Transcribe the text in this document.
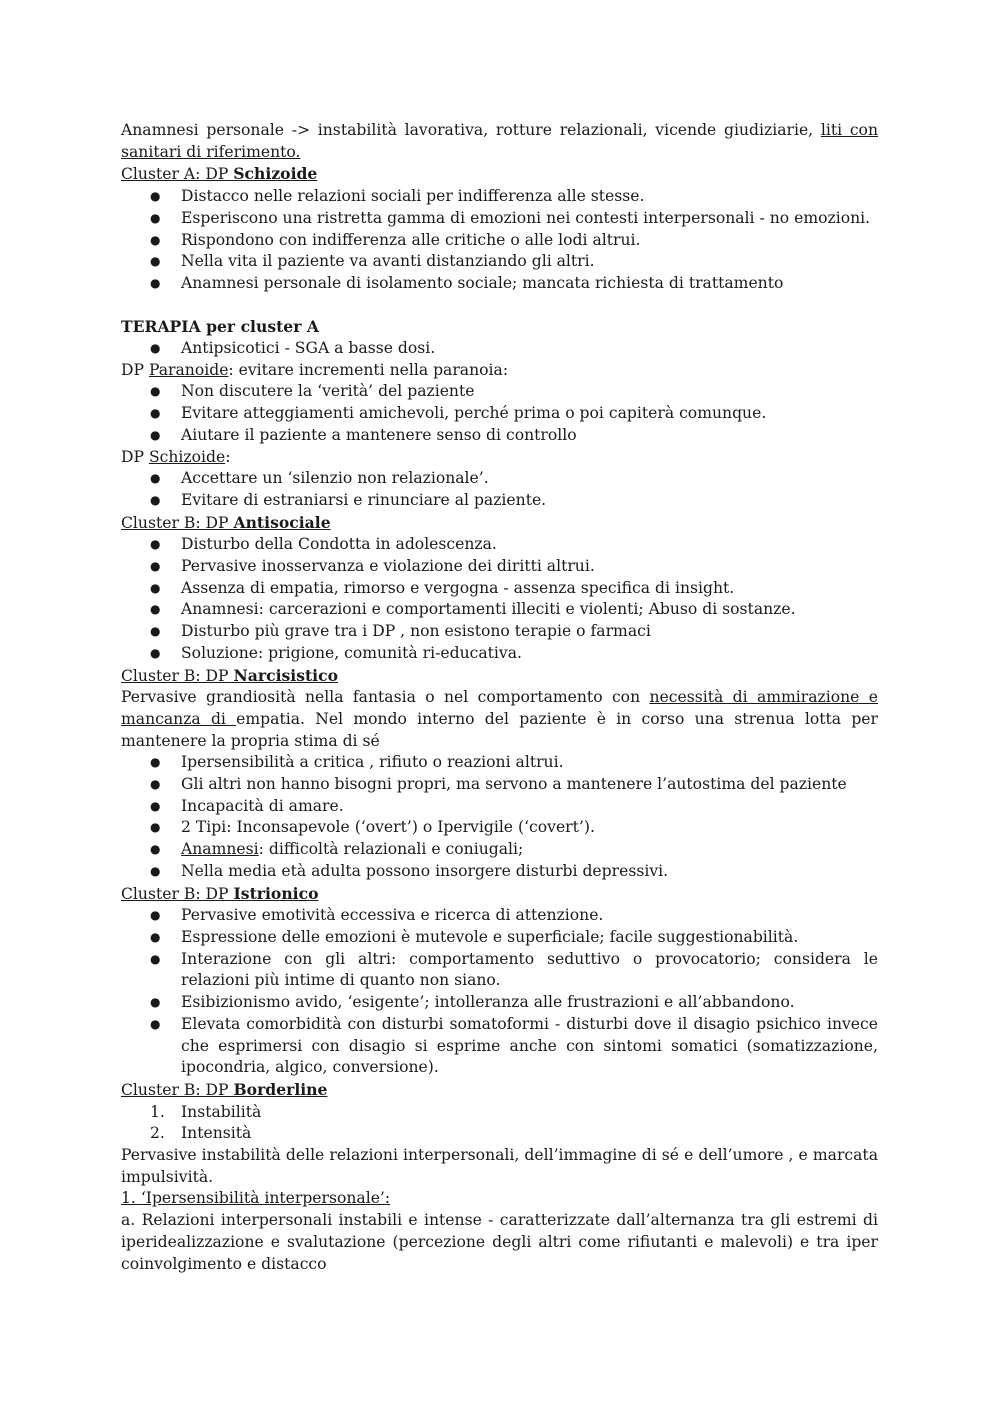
Anamnesi personale -> instabilità lavorativa, rotture relazionali, vicende giudiziarie, liti con sanitari di riferimento.

Cluster A: DP Schizoide

● Distacco nelle relazioni sociali per indifferenza alle stesse.
● Esperiscono una ristretta gamma di emozioni nei contesti interpersonali - no emozioni.
● Rispondono con indifferenza alle critiche o alle lodi altrui.
● Nella vita il paziente va avanti distanziando gli altri.
● Anamnesi personale di isolamento sociale; mancata richiesta di trattamento

TERAPIA per cluster A

● Antipsicotici - SGA a basse dosi.

DP Paranoide: evitare incrementi nella paranoia:

● Non discutere la ‘verità’ del paziente
● Evitare atteggiamenti amichevoli, perché prima o poi capiterà comunque.
● Aiutare il paziente a mantenere senso di controllo

DP Schizoide:

● Accettare un ‘silenzio non relazionale’.
● Evitare di estraniarsi e rinunciare al paziente.

Cluster B: DP Antisociale

● Disturbo della Condotta in adolescenza.
● Pervasive inosservanza e violazione dei diritti altrui.
● Assenza di empatia, rimorso e vergogna - assenza specifica di insight.
● Anamnesi: carcerazioni e comportamenti illeciti e violenti; Abuso di sostanze.
● Disturbo più grave tra i DP , non esistono terapie o farmaci
● Soluzione: prigione, comunità ri-educativa.

Cluster B: DP Narcisistico

Pervasive grandiosità nella fantasia o nel comportamento con necessità di ammirazione e mancanza di empatia. Nel mondo interno del paziente è in corso una strenua lotta per mantenere la propria stima di sé

● Ipersensibilità a critica , rifiuto o reazioni altrui.
● Gli altri non hanno bisogni propri, ma servono a mantenere l’autostima del paziente
● Incapacità di amare.
● 2 Tipi: Inconsapevole (‘overt’) o Ipervigile (‘covert’).
● Anamnesi: difficoltà relazionali e coniugali;
● Nella media età adulta possono insorgere disturbi depressivi.

Cluster B: DP Istrionico

● Pervasive emotività eccessiva e ricerca di attenzione.
● Espressione delle emozioni è mutevole e superficiale; facile suggestionabilità.
● Interazione con gli altri: comportamento seduttivo o provocatorio; considera le relazioni più intime di quanto non siano.
● Esibizionismo avido, ‘esigente’; intolleranza alle frustrazioni e all’abbandono.
● Elevata comorbidità con disturbi somatoformi - disturbi dove il disagio psichico invece che esprimersi con disagio si esprime anche con sintomi somatici (somatizzazione, ipocondria, algico, conversione).

Cluster B: DP Borderline

1. Instabilità
2. Intensità

Pervasive instabilità delle relazioni interpersonali, dell’immagine di sé e dell’umore , e marcata impulsività.

1. ‘Ipersensibilità interpersonale’:

a. Relazioni interpersonali instabili e intense - caratterizzate dall’alternanza tra gli estremi di iperidealizzazione e svalutazione (percezione degli altri come rifiutanti e malevoli) e tra iper coinvolgimento e distacco
